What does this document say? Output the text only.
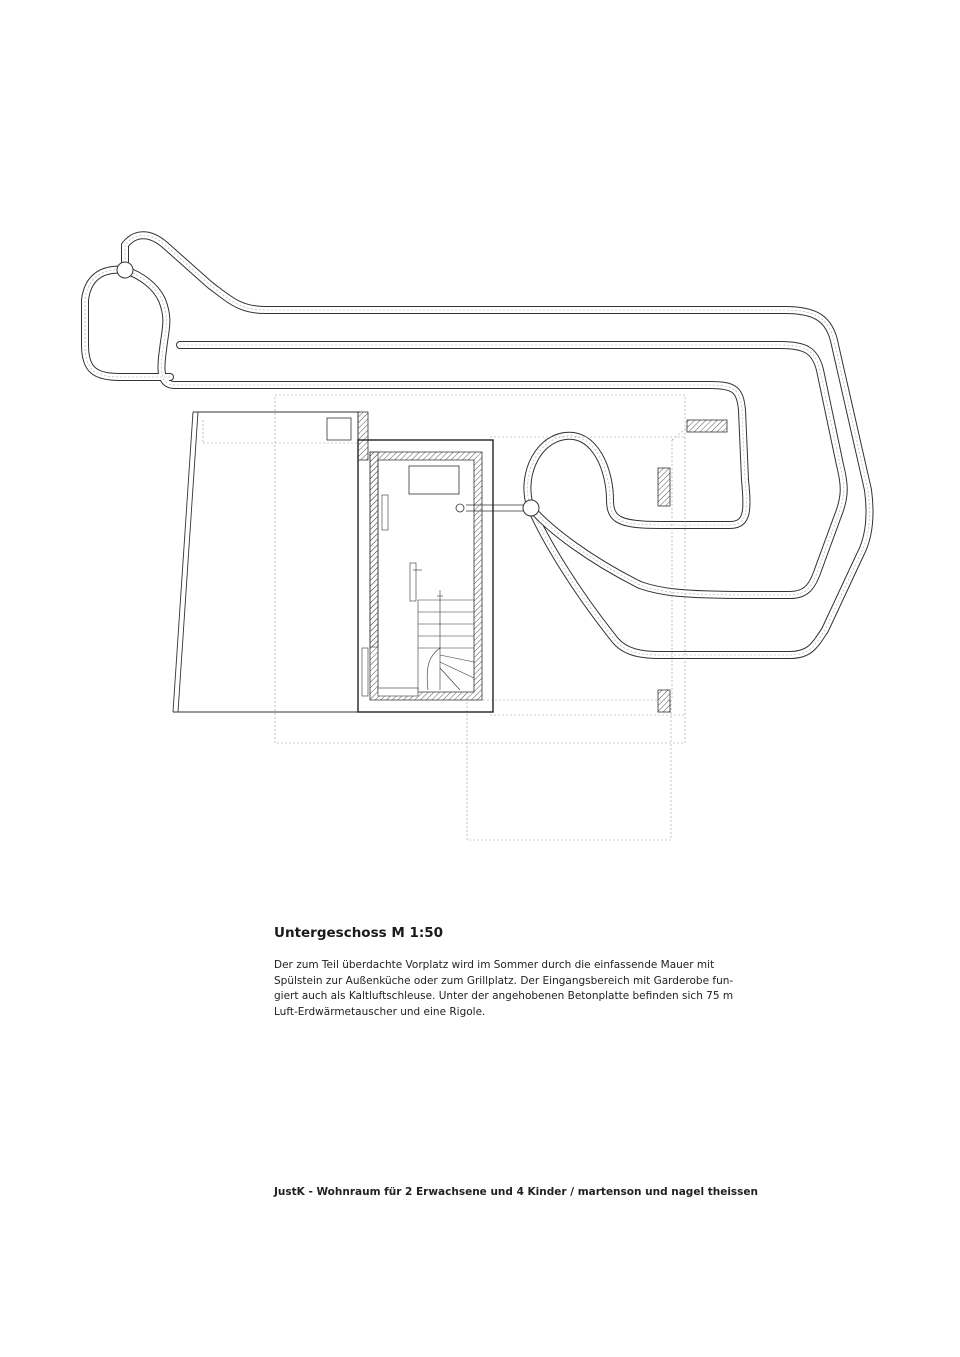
Untergeschoss M 1:50
Der zum Teil überdachte Vorplatz wird im Sommer durch die einfassende Mauer mit
Spülstein zur Außenküche oder zum Grillplatz. Der Eingangsbereich mit Garderobe fun-
giert auch als Kaltluftschleuse. Unter der angehobenen Betonplatte befinden sich 75 m
Luft-Erdwärmetauscher und eine Rigole.
JustK - Wohnraum für 2 Erwachsene und 4 Kinder / martenson und nagel theissen
